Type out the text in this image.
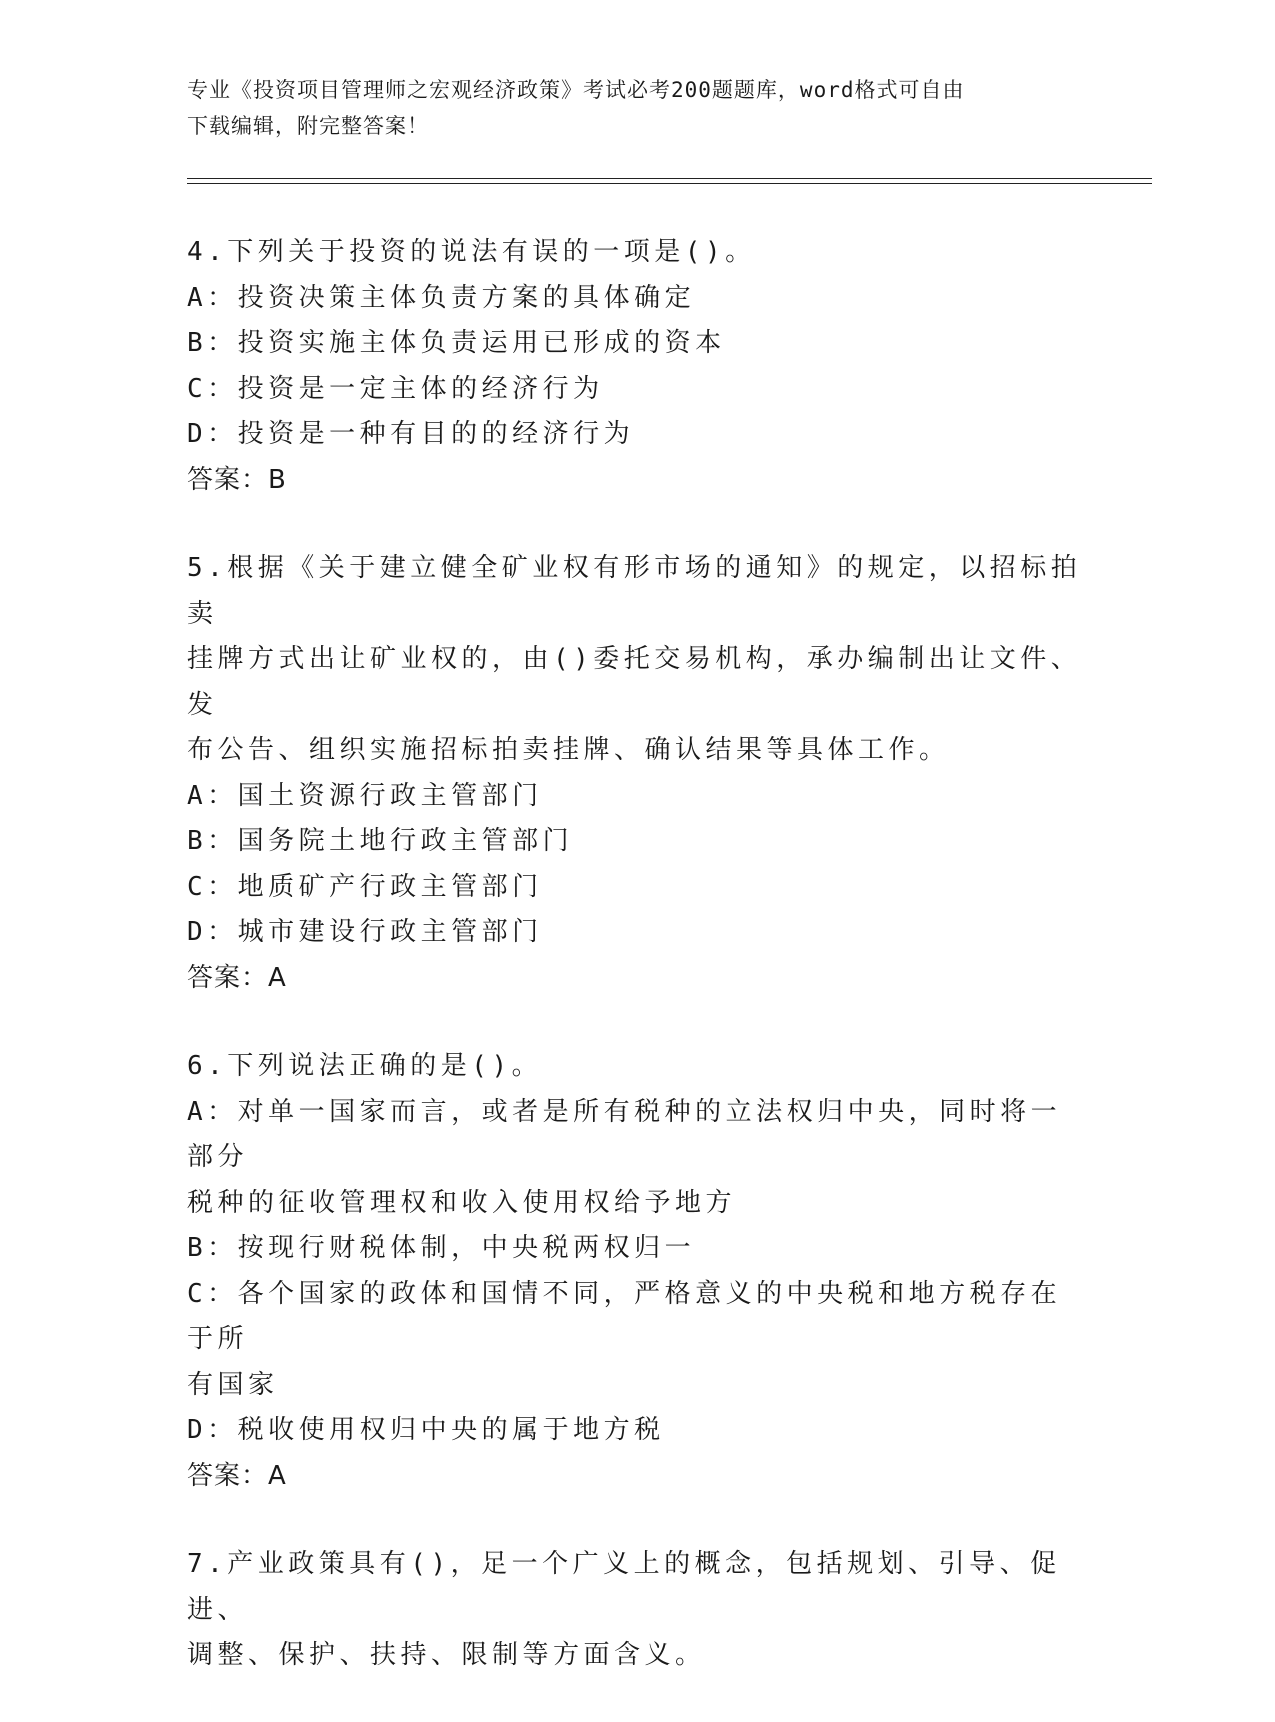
专业《投资项目管理师之宏观经济政策》考试必考200题题库，word格式可自由
下载编辑，附完整答案！
4.下列关于投资的说法有误的一项是()。
A：投资决策主体负责方案的具体确定
B：投资实施主体负责运用已形成的资本
C：投资是一定主体的经济行为
D：投资是一种有目的的经济行为
答案：B
5.根据《关于建立健全矿业权有形市场的通知》的规定，以招标拍卖
挂牌方式出让矿业权的，由()委托交易机构，承办编制出让文件、发
布公告、组织实施招标拍卖挂牌、确认结果等具体工作。
A：国土资源行政主管部门
B：国务院土地行政主管部门
C：地质矿产行政主管部门
D：城市建设行政主管部门
答案：A
6.下列说法正确的是()。
A：对单一国家而言，或者是所有税种的立法权归中央，同时将一部分
税种的征收管理权和收入使用权给予地方
B：按现行财税体制，中央税两权归一
C：各个国家的政体和国情不同，严格意义的中央税和地方税存在于所
有国家
D：税收使用权归中央的属于地方税
答案：A
7.产业政策具有()，足一个广义上的概念，包括规划、引导、促进、
调整、保护、扶持、限制等方面含义。
